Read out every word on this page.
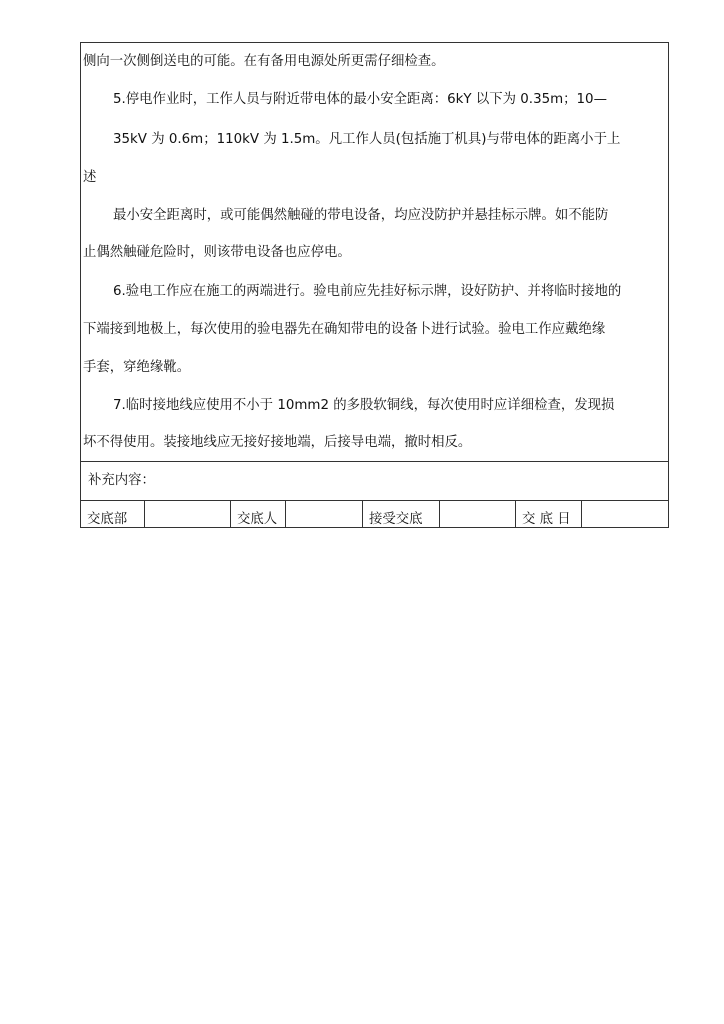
侧向一次侧倒送电的可能。在有备用电源处所更需仔细检查。
5.停电作业时，工作人员与附近带电体的最小安全距离：6kY 以下为 0.35m；10—
35kV 为 0.6m；110kV 为 1.5m。凡工作人员(包括施丁机具)与带电体的距离小于上
述
最小安全距离时，或可能偶然触碰的带电设备，均应没防护并悬挂标示牌。如不能防
止偶然触碰危险时，则该带电设备也应停电。
6.验电工作应在施工的两端进行。验电前应先挂好标示牌，设好防护、并将临时接地的
下端接到地极上，每次使用的验电器先在确知带电的设备卜进行试验。验电工作应戴绝缘
手套，穿绝缘靴。
7.临时接地线应使用不小于 10mm2 的多股软铜线，每次使用时应详细检查，发现损
坏不得使用。装接地线应无接好接地端，后接导电端，撤时相反。
补充内容：
交底部	交底人	接受交底	交 底 日
